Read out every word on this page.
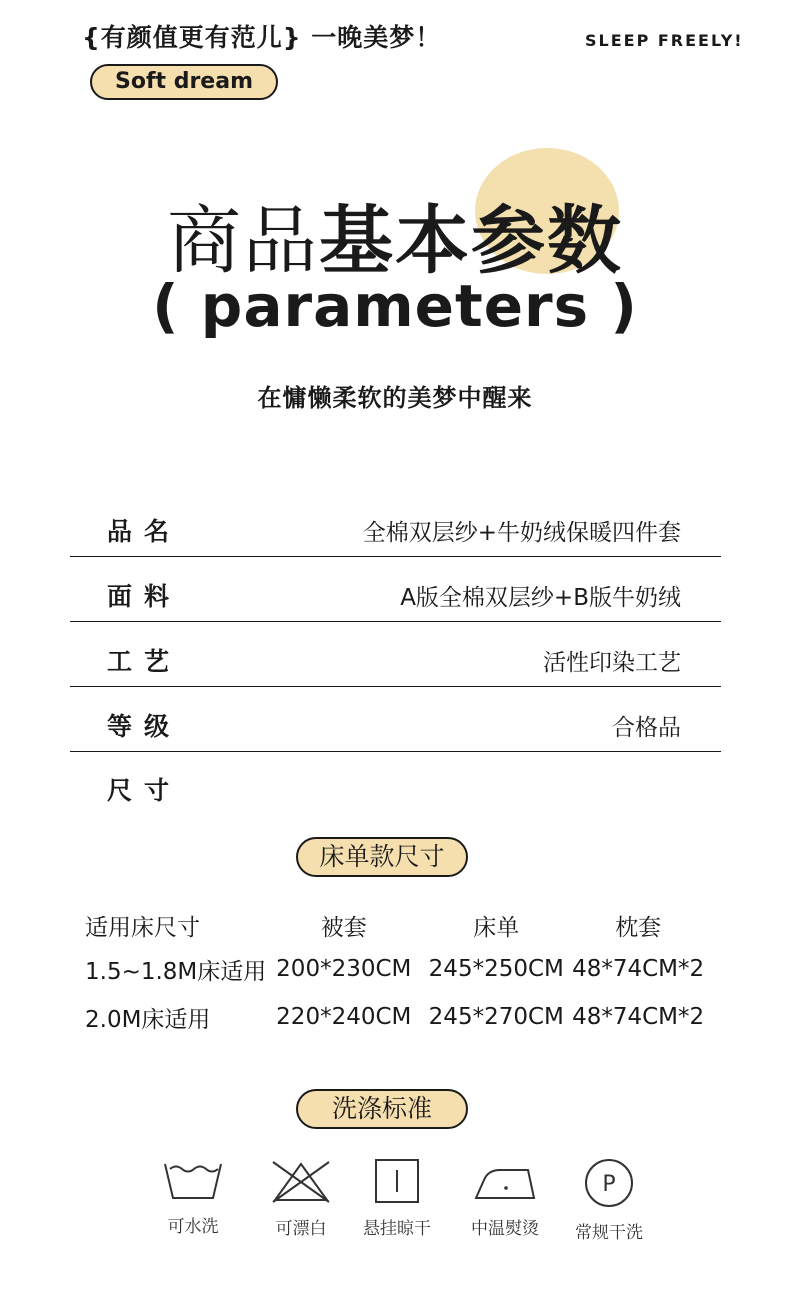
{有颜值更有范儿} 一晚美梦！	SLEEP FREELY!
Soft dream
商品基本参数
( parameters )
在慵懒柔软的美梦中醒来
品名	全棉双层纱+牛奶绒保暖四件套
面料	A版全棉双层纱+B版牛奶绒
工艺	活性印染工艺
等级	合格品
尺寸
床单款尺寸
适用床尺寸	被套	床单	枕套
1.5~1.8M床适用	200*230CM	245*250CM	48*74CM*2
2.0M床适用	220*240CM	245*270CM	48*74CM*2
洗涤标准
可水洗	可漂白	悬挂晾干	中温熨烫
P
常规干洗
